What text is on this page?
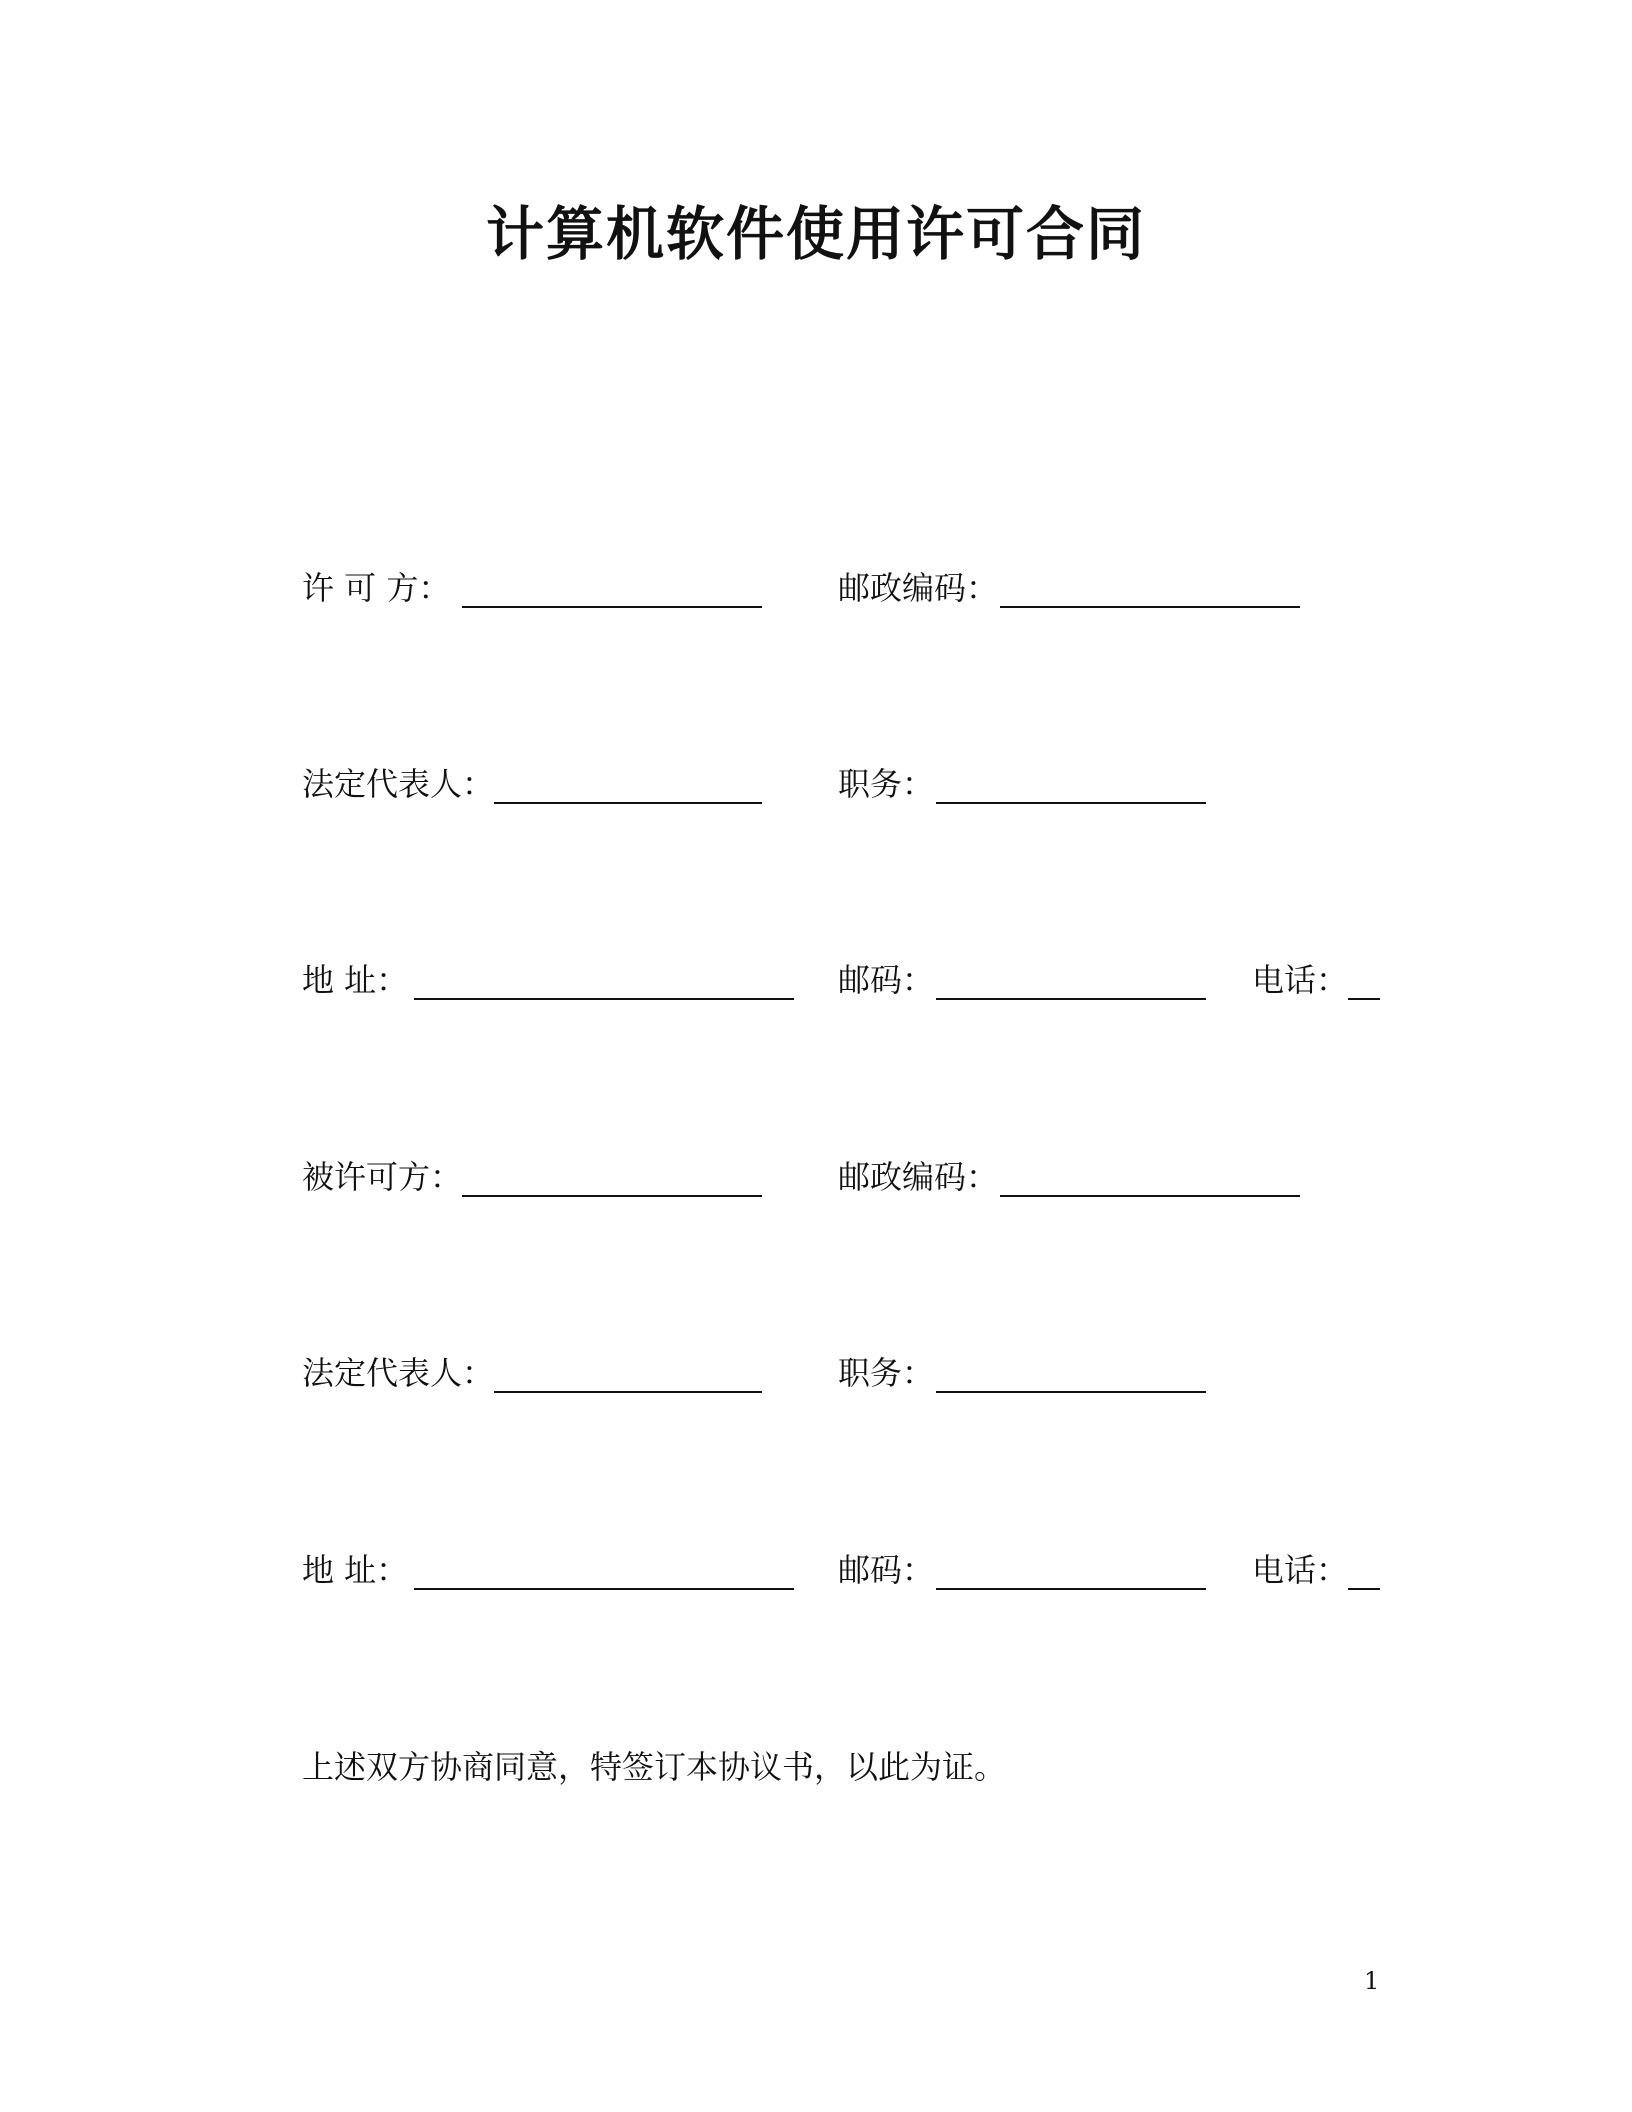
计算机软件使用许可合同
许 可 方：	邮政编码：
法定代表人：	职务：
地 址：	邮码：	电话：
被许可方：	邮政编码：
法定代表人：	职务：
地 址：	邮码：	电话：
上述双方协商同意，特签订本协议书，以此为证。
1
